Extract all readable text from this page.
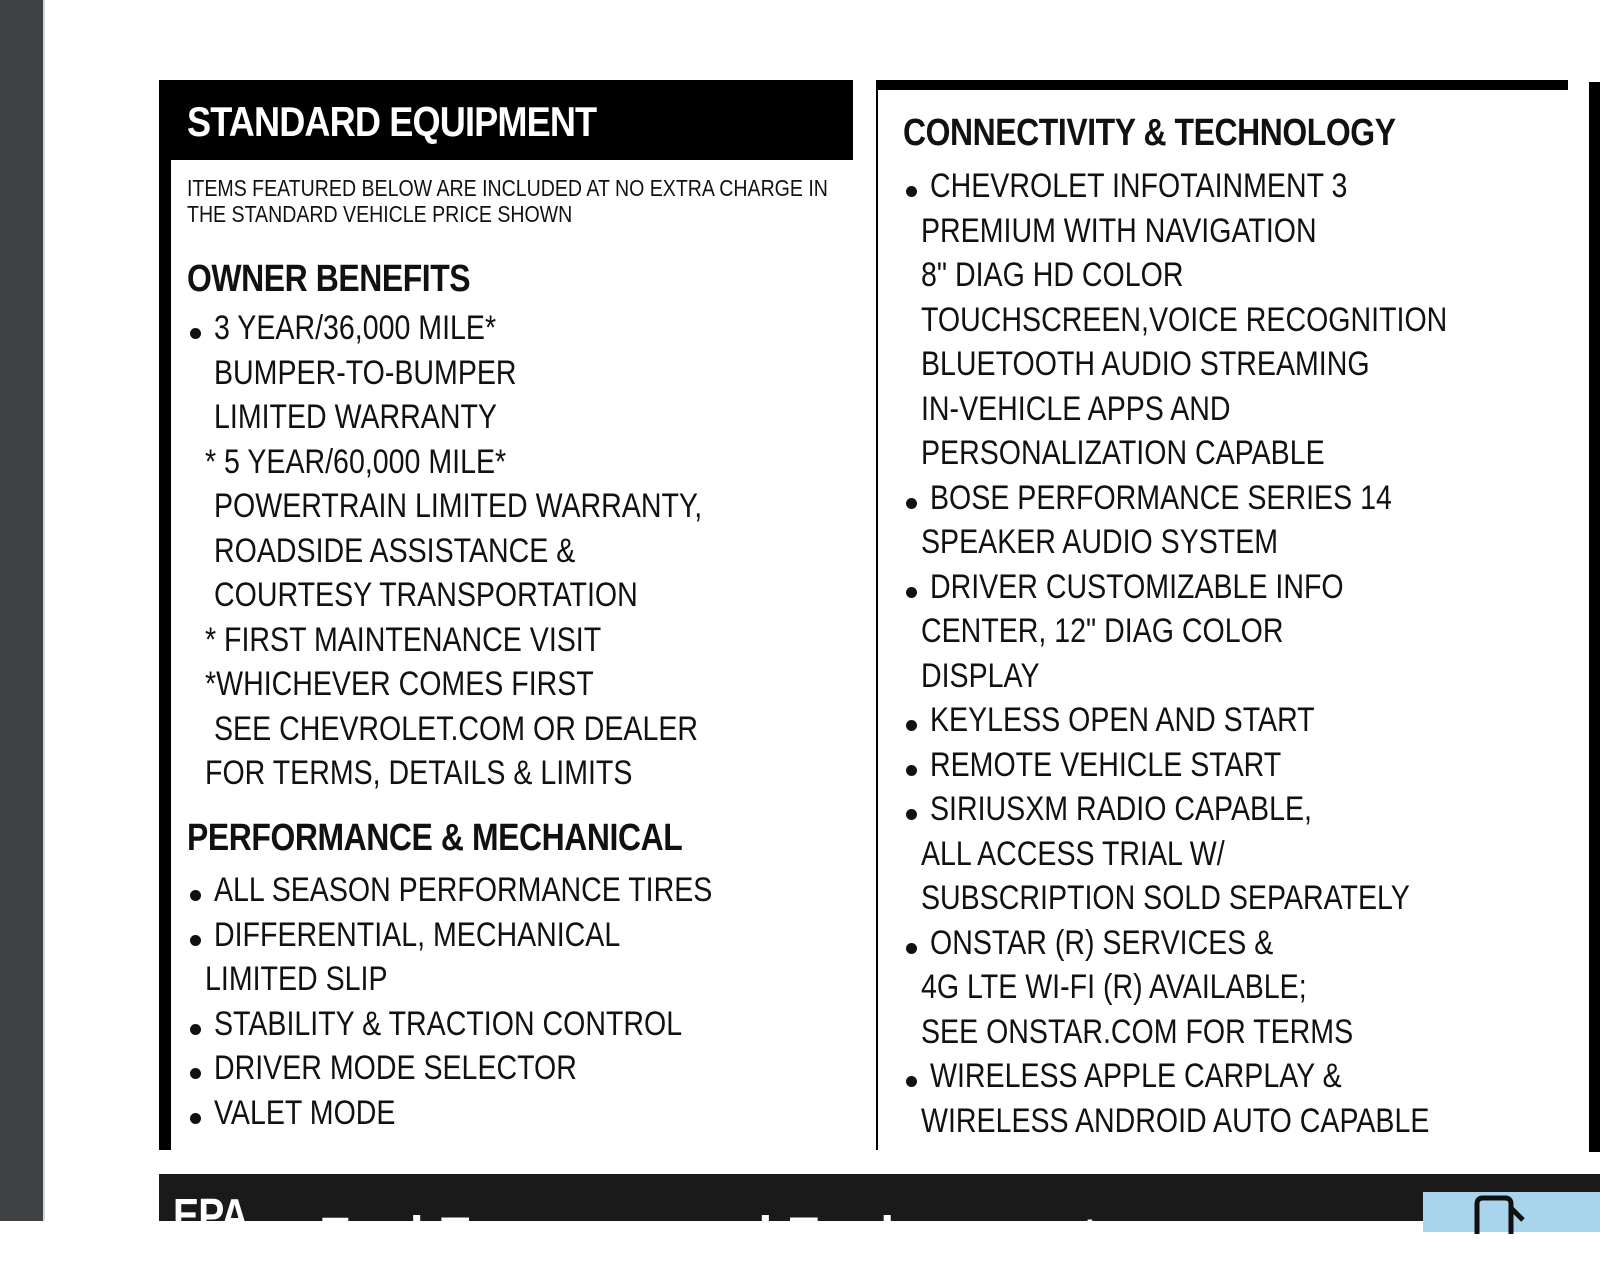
STANDARD EQUIPMENT
ITEMS FEATURED BELOW ARE INCLUDED AT NO EXTRA CHARGE IN
THE STANDARD VEHICLE PRICE SHOWN
OWNER BENEFITS
3 YEAR/36,000 MILE*
BUMPER-TO-BUMPER
LIMITED WARRANTY
* 5 YEAR/60,000 MILE*
POWERTRAIN LIMITED WARRANTY,
ROADSIDE ASSISTANCE &
COURTESY TRANSPORTATION
* FIRST MAINTENANCE VISIT
*WHICHEVER COMES FIRST
SEE CHEVROLET.COM OR DEALER
FOR TERMS, DETAILS & LIMITS
PERFORMANCE & MECHANICAL
ALL SEASON PERFORMANCE TIRES
DIFFERENTIAL, MECHANICAL
LIMITED SLIP
STABILITY & TRACTION CONTROL
DRIVER MODE SELECTOR
VALET MODE
CONNECTIVITY & TECHNOLOGY
CHEVROLET INFOTAINMENT 3
PREMIUM WITH NAVIGATION
8" DIAG HD COLOR
TOUCHSCREEN,VOICE RECOGNITION
BLUETOOTH AUDIO STREAMING
IN-VEHICLE APPS AND
PERSONALIZATION CAPABLE
BOSE PERFORMANCE SERIES 14
SPEAKER AUDIO SYSTEM
DRIVER CUSTOMIZABLE INFO
CENTER, 12" DIAG COLOR
DISPLAY
KEYLESS OPEN AND START
REMOTE VEHICLE START
SIRIUSXM RADIO CAPABLE,
ALL ACCESS TRIAL W/
SUBSCRIPTION SOLD SEPARATELY
ONSTAR (R) SERVICES &
4G LTE WI-FI (R) AVAILABLE;
SEE ONSTAR.COM FOR TERMS
WIRELESS APPLE CARPLAY &
WIRELESS ANDROID AUTO CAPABLE
EPA Fuel Economy and Environment
